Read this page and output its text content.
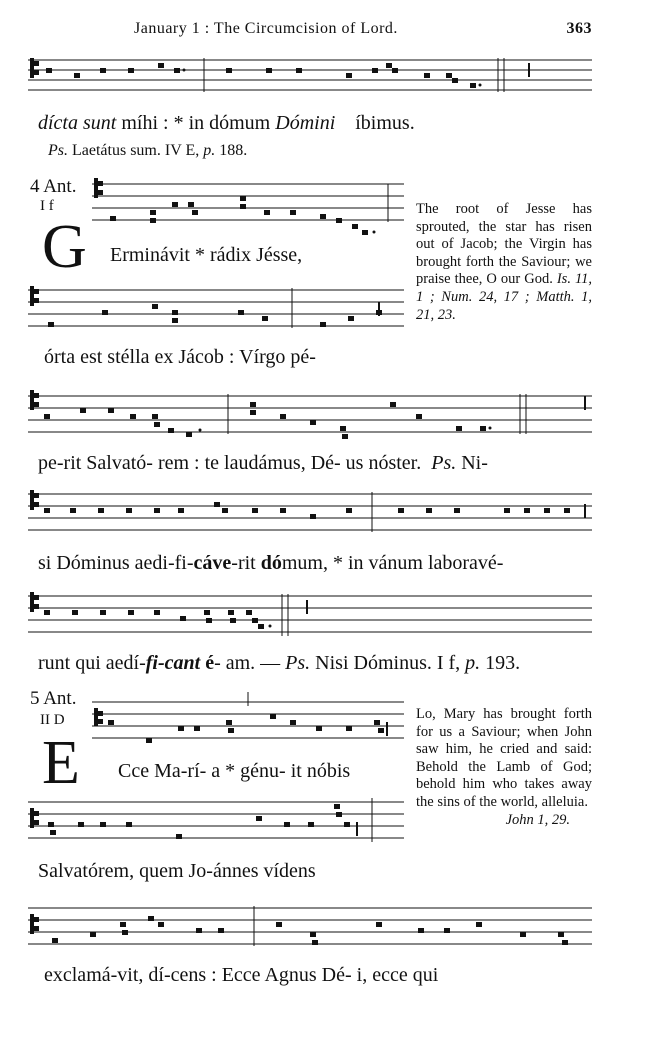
January 1 : The Circumcision of Lord.	363
dícta sunt míhi : * in dómum Dómini íbimus.
Ps. Laetátus sum. IV E, p. 188.
4 Ant.
I f
G Erminávit * rádix Jésse,
órta est stélla ex Jácob : Vírgo pé-
The root of Jesse has sprouted, the star has risen out of Jacob; the Virgin has brought forth the Saviour; we praise thee, O our God. Is. 11, 1 ; Num. 24, 17 ; Matth. 1, 21, 23.
pe-rit Salvató- rem : te laudámus, Dé- us nóster. Ps. Ni-
si Dóminus aedi-fi-cáve-rit dómum, * in vánum laboravé-
runt qui aedí-fi-cant é- am. — Ps. Nisi Dóminus. I f, p. 193.
5 Ant.
II D
E Cce Ma-rí- a * génu- it nóbis
Salvatórem, quem Jo-ánnes vídens
Lo, Mary has brought forth for us a Saviour; when John saw him, he cried and said: Behold the Lamb of God; behold him who takes away the sins of the world, alleluia.
John 1, 29.
exclamá-vit, dí-cens : Ecce Agnus Dé- i, ecce qui
